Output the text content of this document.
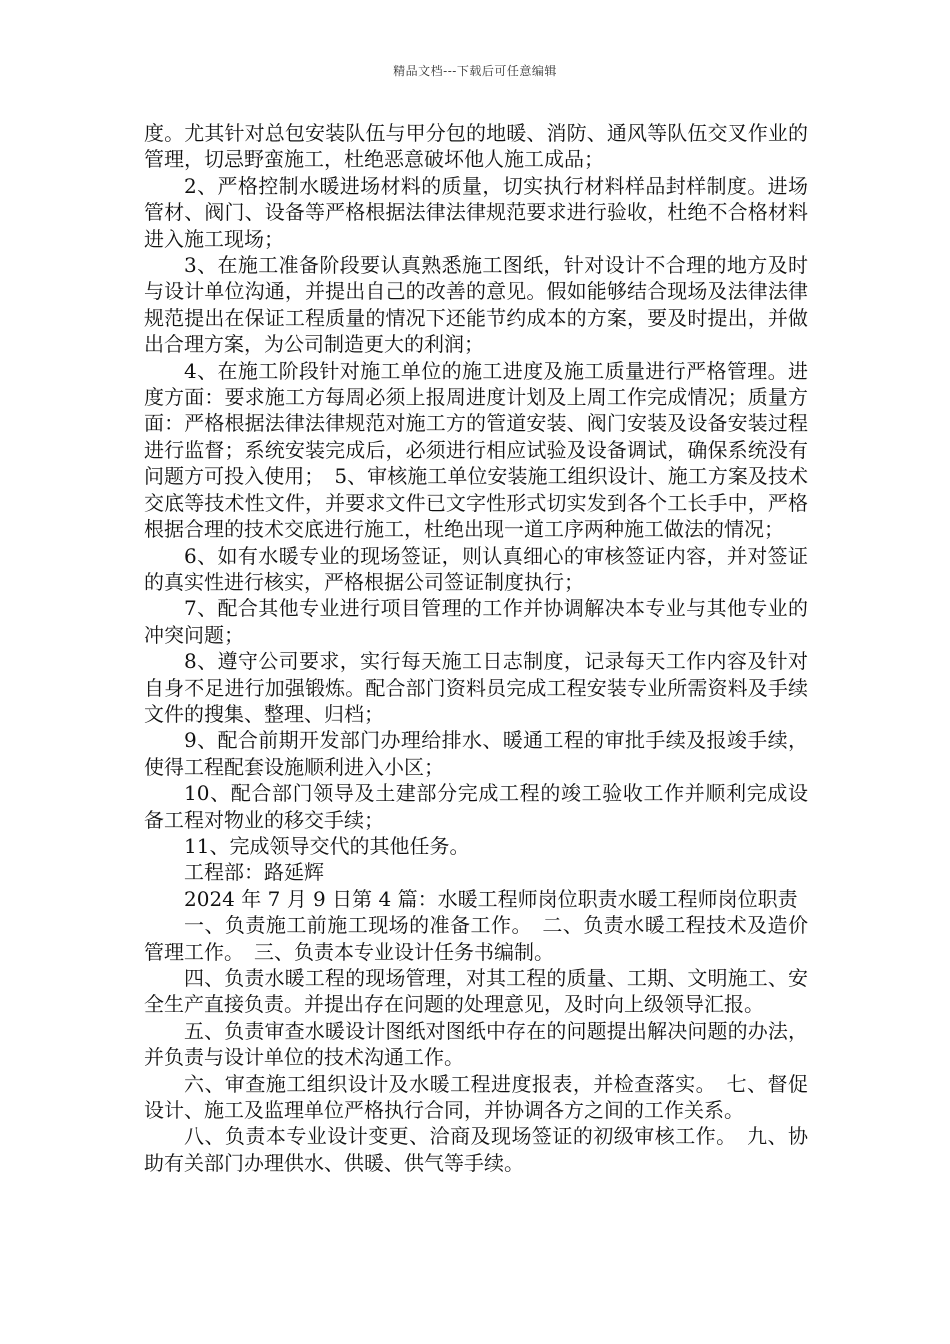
精品文档---下载后可任意编辑

度。尤其针对总包安装队伍与甲分包的地暖、消防、通风等队伍交叉作业的管理，切忌野蛮施工，杜绝恶意破坏他人施工成品；

2、严格控制水暖进场材料的质量，切实执行材料样品封样制度。进场管材、阀门、设备等严格根据法律法律规范要求进行验收，杜绝不合格材料进入施工现场；

3、在施工准备阶段要认真熟悉施工图纸，针对设计不合理的地方及时与设计单位沟通，并提出自己的改善的意见。假如能够结合现场及法律法律规范提出在保证工程质量的情况下还能节约成本的方案，要及时提出，并做出合理方案，为公司制造更大的利润；

4、在施工阶段针对施工单位的施工进度及施工质量进行严格管理。进度方面：要求施工方每周必须上报周进度计划及上周工作完成情况；质量方面：严格根据法律法律规范对施工方的管道安装、阀门安装及设备安装过程进行监督；系统安装完成后，必须进行相应试验及设备调试，确保系统没有问题方可投入使用；　5、审核施工单位安装施工组织设计、施工方案及技术交底等技术性文件，并要求文件已文字性形式切实发到各个工长手中，严格根据合理的技术交底进行施工，杜绝出现一道工序两种施工做法的情况；

6、如有水暖专业的现场签证，则认真细心的审核签证内容，并对签证的真实性进行核实，严格根据公司签证制度执行；

7、配合其他专业进行项目管理的工作并协调解决本专业与其他专业的冲突问题；

8、遵守公司要求，实行每天施工日志制度，记录每天工作内容及针对自身不足进行加强锻炼。配合部门资料员完成工程安装专业所需资料及手续文件的搜集、整理、归档；

9、配合前期开发部门办理给排水、暖通工程的审批手续及报竣手续，使得工程配套设施顺利进入小区；

10、配合部门领导及土建部分完成工程的竣工验收工作并顺利完成设备工程对物业的移交手续；

11、完成领导交代的其他任务。

工程部：路延辉

2024 年 7 月 9 日第 4 篇：水暖工程师岗位职责水暖工程师岗位职责

一、负责施工前施工现场的准备工作。　二、负责水暖工程技术及造价管理工作。　三、负责本专业设计任务书编制。

四、负责水暖工程的现场管理，对其工程的质量、工期、文明施工、安全生产直接负责。并提出存在问题的处理意见，及时向上级领导汇报。

五、负责审查水暖设计图纸对图纸中存在的问题提出解决问题的办法，并负责与设计单位的技术沟通工作。

六、审查施工组织设计及水暖工程进度报表，并检查落实。　七、督促设计、施工及监理单位严格执行合同，并协调各方之间的工作关系。

八、负责本专业设计变更、洽商及现场签证的初级审核工作。　九、协助有关部门办理供水、供暖、供气等手续。
